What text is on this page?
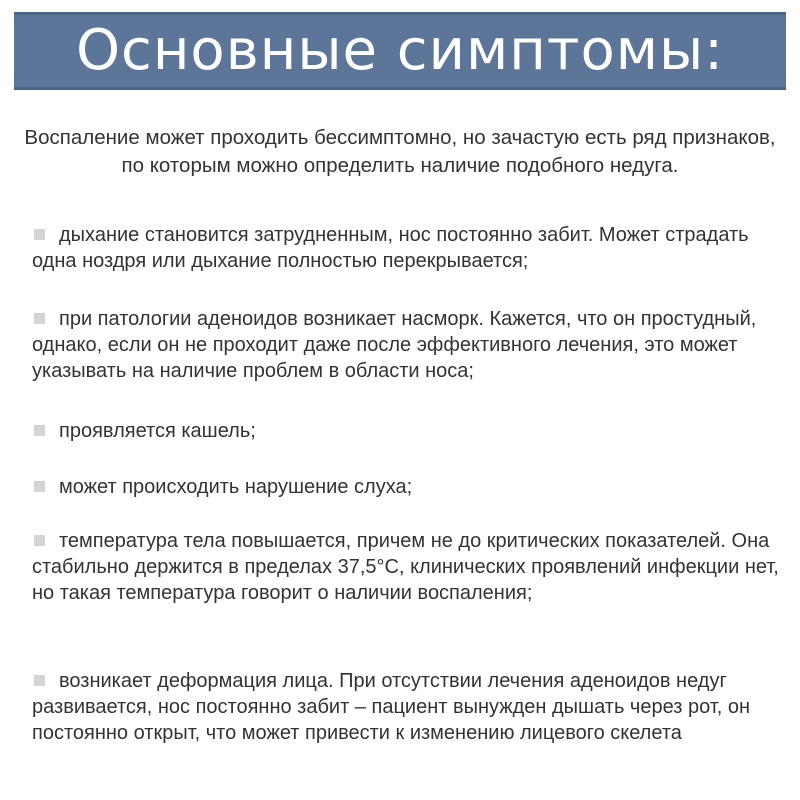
Основные симптомы:
Воспаление может проходить бессимптомно, но зачастую есть ряд признаков, по которым можно определить наличие подобного недуга.
дыхание становится затрудненным, нос постоянно забит. Может страдать одна ноздря или дыхание полностью перекрывается;
при патологии аденоидов возникает насморк. Кажется, что он простудный, однако, если он не проходит даже после эффективного лечения, это может указывать на наличие проблем в области носа;
проявляется кашель;
может происходить нарушение слуха;
температура тела повышается, причем не до критических показателей. Она стабильно держится в пределах 37,5°С, клинических проявлений инфекции нет, но такая температура говорит о наличии воспаления;
возникает деформация лица. При отсутствии лечения аденоидов недуг развивается, нос постоянно забит – пациент вынужден дышать через рот, он постоянно открыт, что может привести к изменению лицевого скелета
